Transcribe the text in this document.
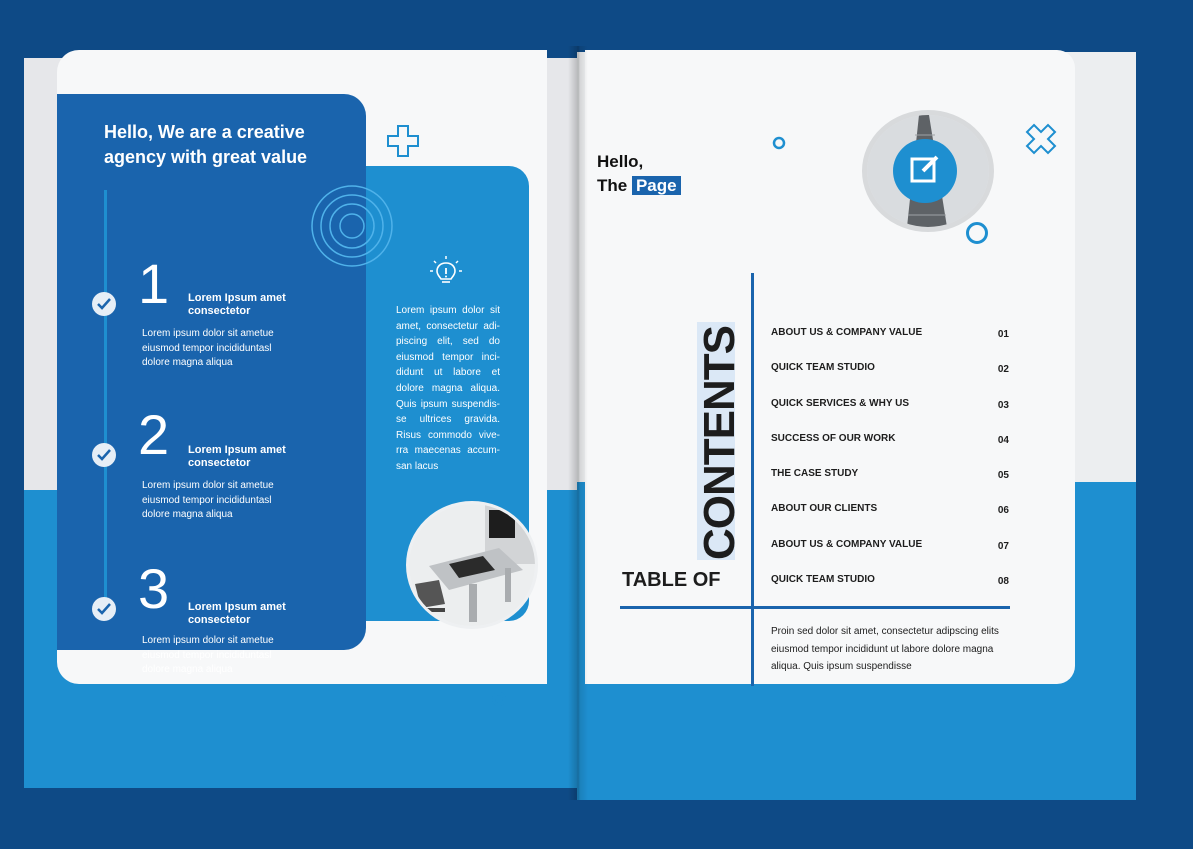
Hello, We are a creative agency with great value
1 Lorem Ipsum amet consectetor
Lorem ipsum dolor sit ametue eiusmod tempor incididuntasl dolore magna aliqua
2 Lorem Ipsum amet consectetor
Lorem ipsum dolor sit ametue eiusmod tempor incididuntasl dolore magna aliqua
3 Lorem Ipsum amet consectetor
Lorem ipsum dolor sit ametue eiusmod tempor incididuntasl dolore magna aliqua
Lorem ipsum dolor sit amet, consectetur adi-piscing elit, sed do eiusmod tempor inci-didunt ut labore et dolore magna aliqua. Quis ipsum suspendis-se ultrices gravida. Risus commodo vive-rra maecenas accum-san lacus
Hello,
The Page
CONTENTS
TABLE OF
ABOUT US & COMPANY VALUE	01
QUICK TEAM STUDIO	02
QUICK SERVICES & WHY US	03
SUCCESS OF OUR WORK	04
THE CASE STUDY	05
ABOUT OUR CLIENTS	06
ABOUT US & COMPANY VALUE	07
QUICK TEAM STUDIO	08
Proin sed dolor sit amet, consectetur adipscing elits eiusmod tempor incididunt ut labore dolore magna aliqua. Quis ipsum suspendisse
